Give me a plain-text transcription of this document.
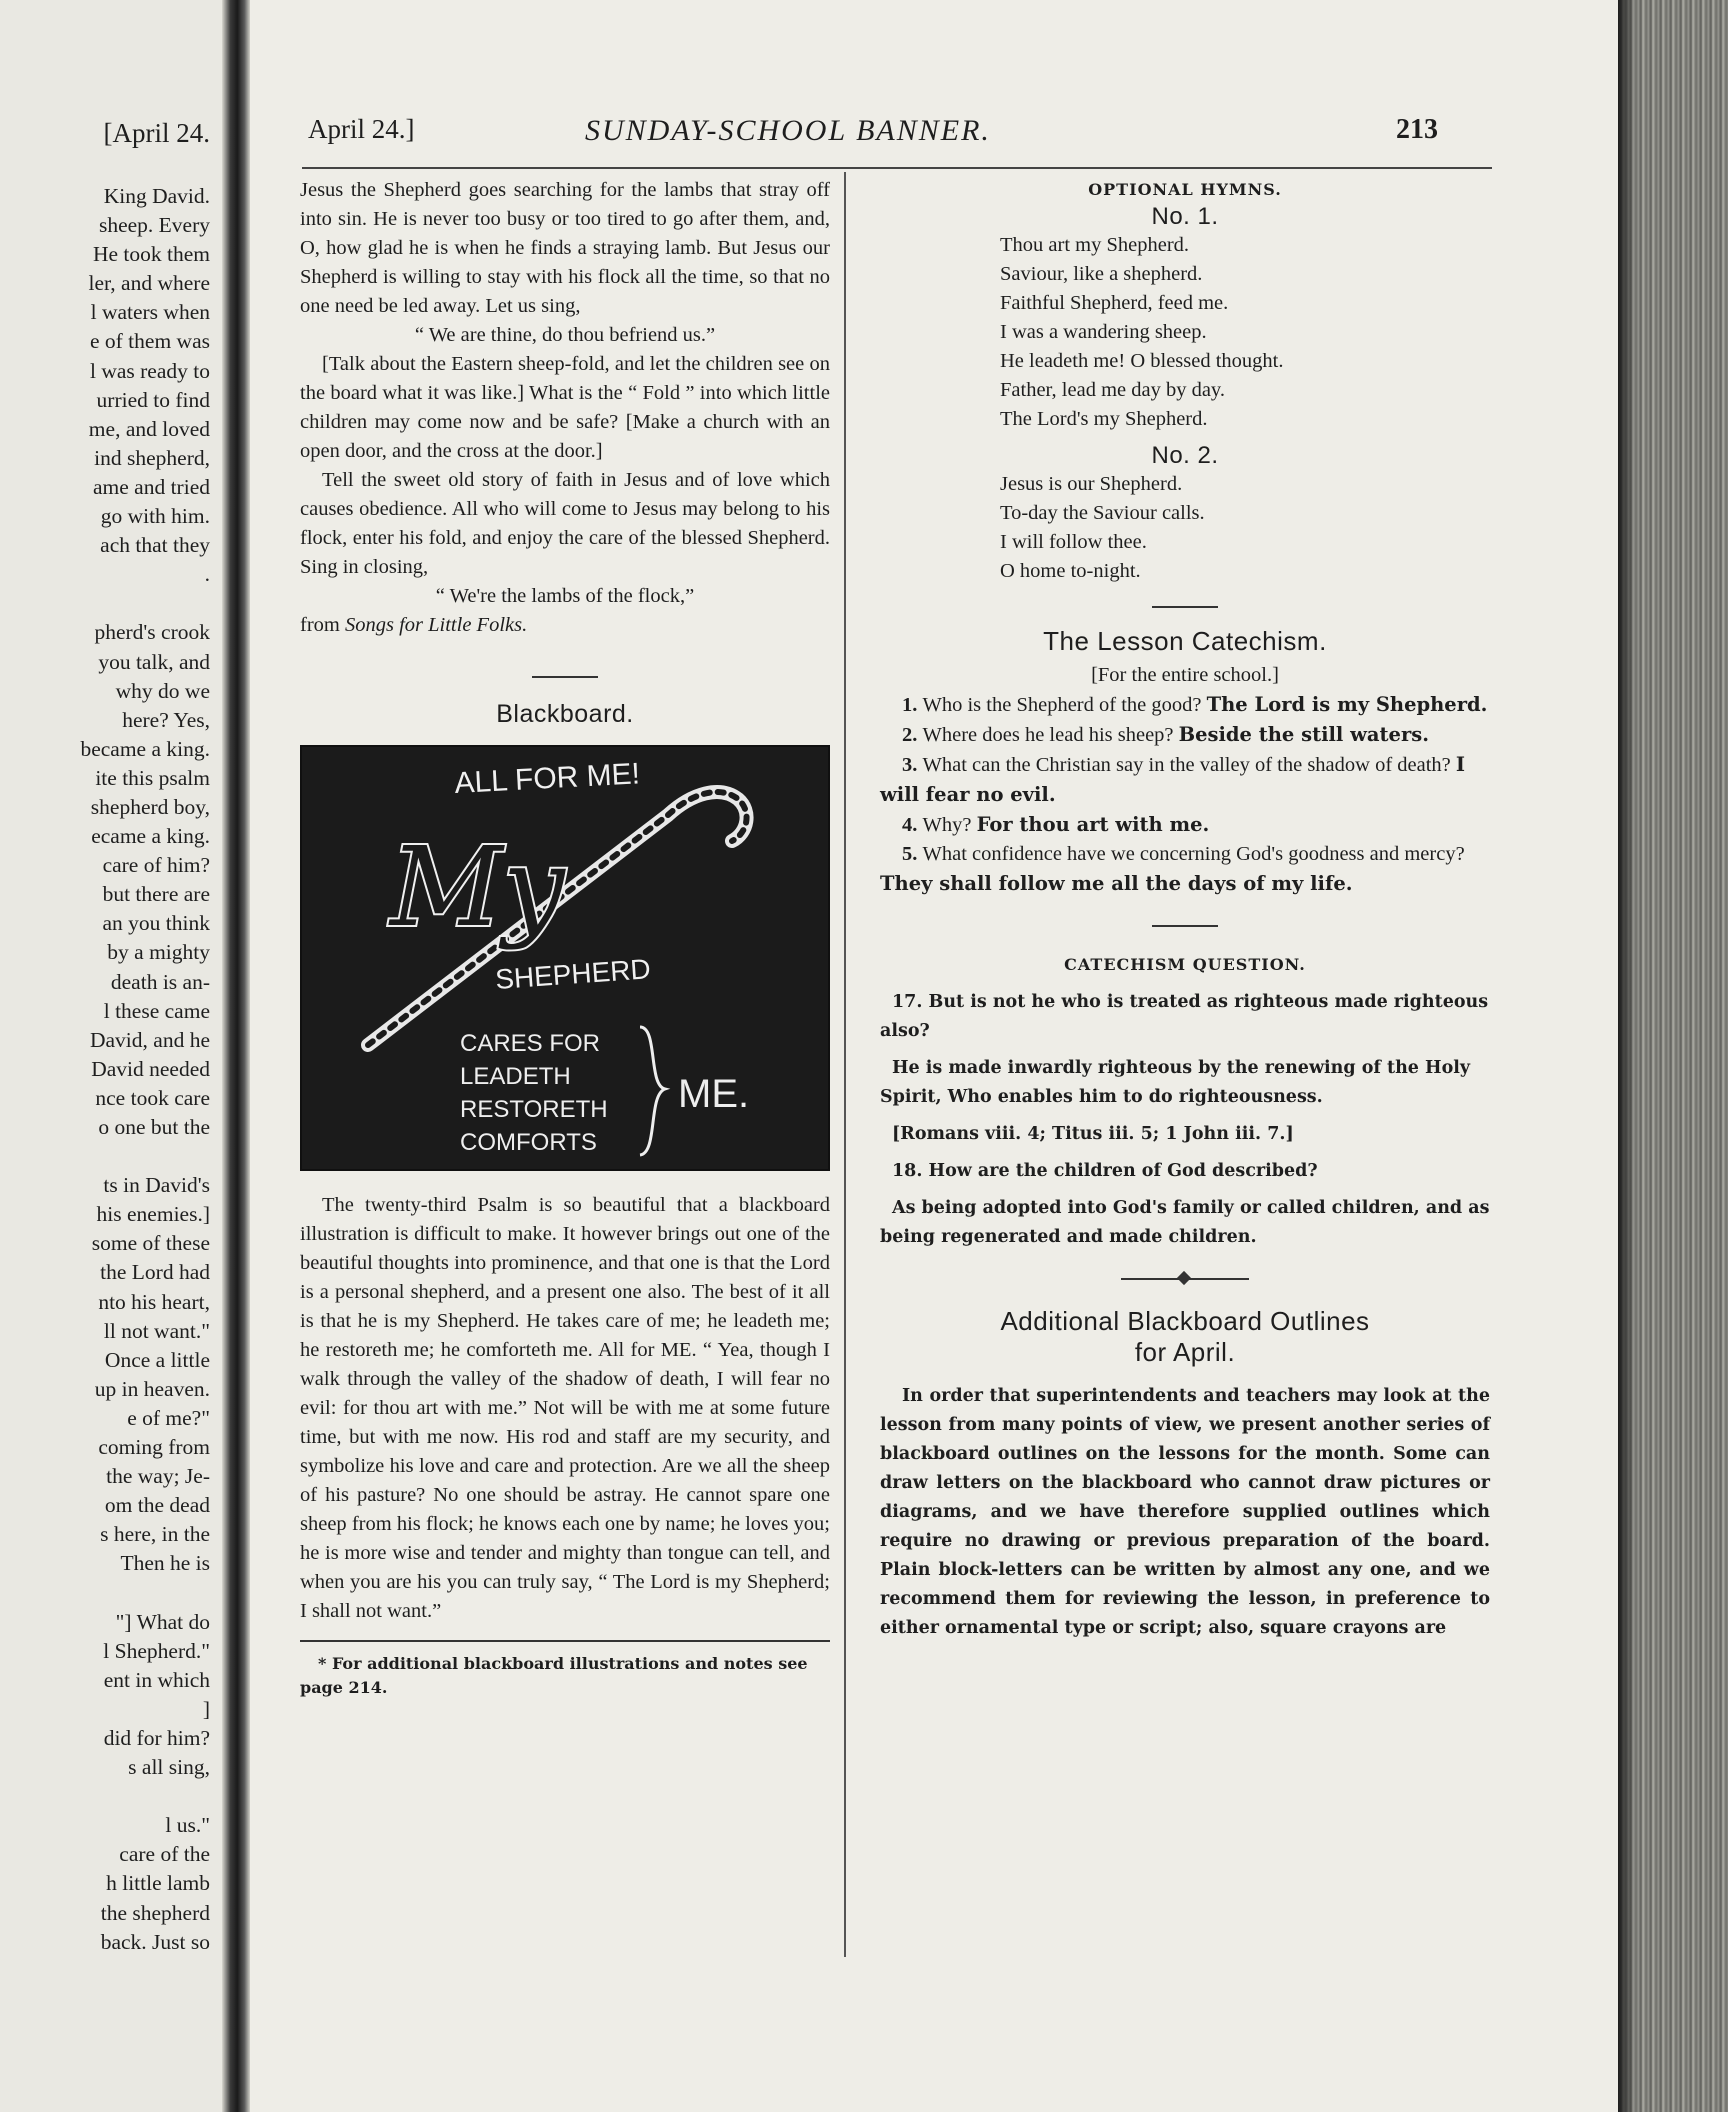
[April 24.
King David.
sheep. Every
He took them
ler, and where
l waters when
e of them was
l was ready to
urried to find
me, and loved
ind shepherd,
ame and tried
go with him.
ach that they
.

pherd's crook
you talk, and
why do we
here? Yes,
became a king.
ite this psalm
shepherd boy,
ecame a king.
care of him?
but there are
an you think
by a mighty
death is an-
l these came
David, and he
David needed
nce took care
o one but the

ts in David's
his enemies.]
some of these
the Lord had
nto his heart,
ll not want."
Once a little
up in heaven.
e of me?"
coming from
the way; Je-
om the dead
s here, in the
Then he is

"] What do
l Shepherd."
ent in which
]
did for him?
s all sing,

l us."
care of the
h little lamb
the shepherd
back. Just so
April 24.]	SUNDAY-SCHOOL BANNER.	213

Jesus the Shepherd goes searching for the lambs that stray off into sin. He is never too busy or too tired to go after them, and, O, how glad he is when he finds a straying lamb. But Jesus our Shepherd is willing to stay with his flock all the time, so that no one need be led away. Let us sing,

“ We are thine, do thou befriend us.”

[Talk about the Eastern sheep-fold, and let the children see on the board what it was like.] What is the “ Fold ” into which little children may come now and be safe? [Make a church with an open door, and the cross at the door.]

Tell the sweet old story of faith in Jesus and of love which causes obedience. All who will come to Jesus may belong to his flock, enter his fold, and enjoy the care of the blessed Shepherd. Sing in closing,

“ We're the lambs of the flock,”

from Songs for Little Folks.

Blackboard.
ALL FOR ME!
My
SHEPHERD
CARES FOR
LEADETH
RESTORETH
COMFORTS
ME.

The twenty-third Psalm is so beautiful that a blackboard illustration is difficult to make. It however brings out one of the beautiful thoughts into prominence, and that one is that the Lord is a personal shepherd, and a present one also. The best of it all is that he is my Shepherd. He takes care of me; he leadeth me; he restoreth me; he comforteth me. All for ME. “ Yea, though I walk through the valley of the shadow of death, I will fear no evil: for thou art with me.” Not will be with me at some future time, but with me now. His rod and staff are my security, and symbolize his love and care and protection. Are we all the sheep of his pasture? No one should be astray. He cannot spare one sheep from his flock; he knows each one by name; he loves you; he is more wise and tender and mighty than tongue can tell, and when you are his you can truly say, “ The Lord is my Shepherd; I shall not want.”

* For additional blackboard illustrations and notes see page 214.

OPTIONAL HYMNS.
No. 1.

Thou art my Shepherd.

Saviour, like a shepherd.

Faithful Shepherd, feed me.

I was a wandering sheep.

He leadeth me! O blessed thought.

Father, lead me day by day.

The Lord's my Shepherd.

No. 2.

Jesus is our Shepherd.

To-day the Saviour calls.

I will follow thee.

O home to-night.

The Lesson Catechism.

[For the entire school.]

1. Who is the Shepherd of the good? The Lord is my Shepherd.

2. Where does he lead his sheep? Beside the still waters.

3. What can the Christian say in the valley of the shadow of death? I will fear no evil.

4. Why? For thou art with me.

5. What confidence have we concerning God's goodness and mercy? They shall follow me all the days of my life.

CATECHISM QUESTION.

17. But is not he who is treated as righteous made righteous also?

He is made inwardly righteous by the renewing of the Holy Spirit, Who enables him to do righteousness.

[Romans viii. 4; Titus iii. 5; 1 John iii. 7.]

18. How are the children of God described?

As being adopted into God's family or called children, and as being regenerated and made children.

Additional Blackboard Outlines
for April.

In order that superintendents and teachers may look at the lesson from many points of view, we present another series of blackboard outlines on the lessons for the month. Some can draw letters on the blackboard who cannot draw pictures or diagrams, and we have therefore supplied outlines which require no drawing or previous preparation of the board. Plain block-letters can be written by almost any one, and we recommend them for reviewing the lesson, in preference to either ornamental type or script; also, square crayons are
